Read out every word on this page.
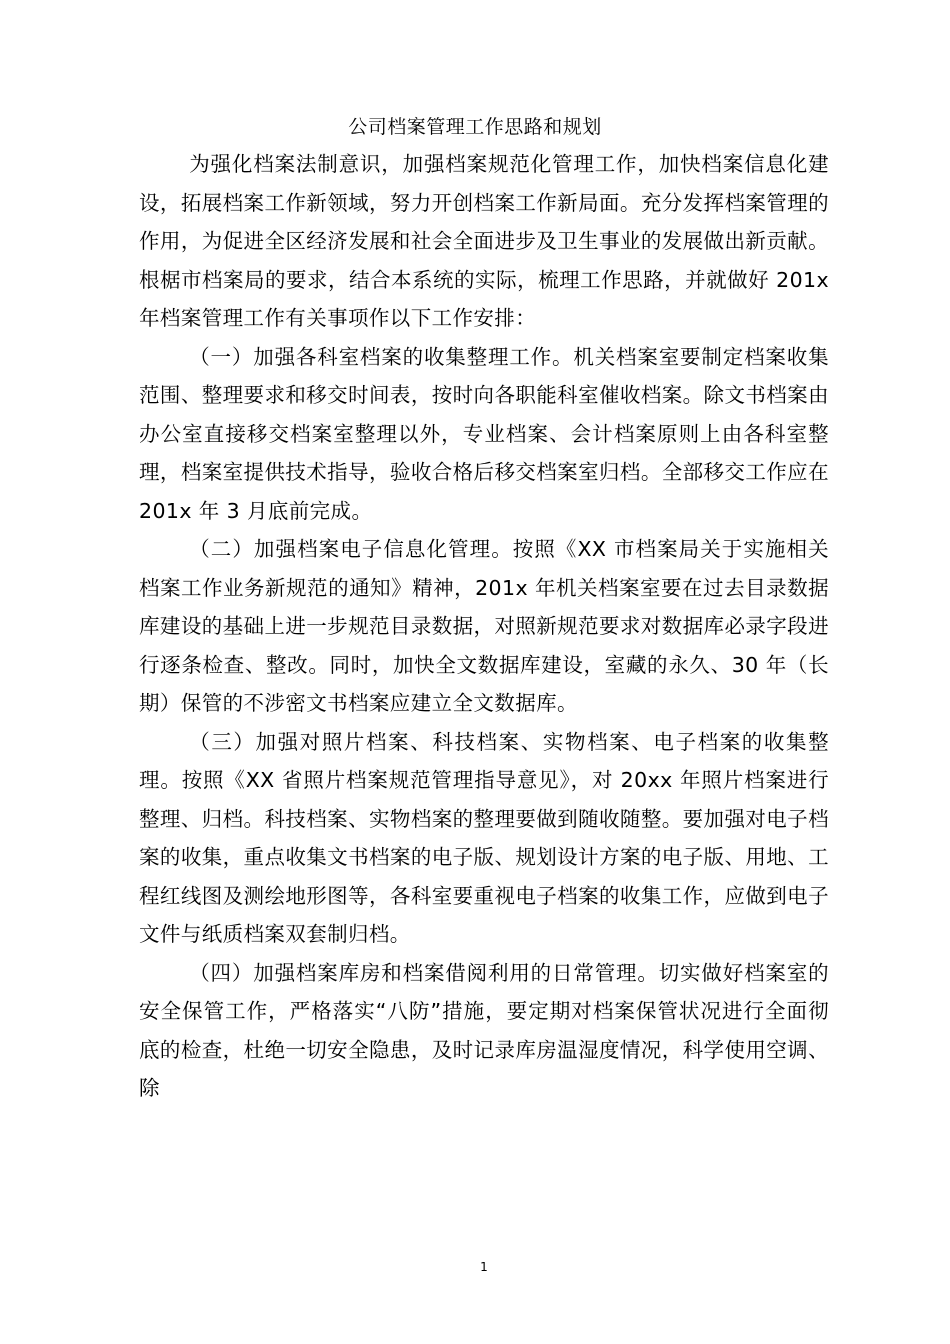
公司档案管理工作思路和规划

为强化档案法制意识，加强档案规范化管理工作，加快档案信息化建设，拓展档案工作新领域，努力开创档案工作新局面。充分发挥档案管理的作用，为促进全区经济发展和社会全面进步及卫生事业的发展做出新贡献。根椐市档案局的要求，结合本系统的实际，梳理工作思路，并就做好 201x 年档案管理工作有关事项作以下工作安排：

（一）加强各科室档案的收集整理工作。机关档案室要制定档案收集范围、整理要求和移交时间表，按时向各职能科室催收档案。除文书档案由办公室直接移交档案室整理以外，专业档案、会计档案原则上由各科室整理，档案室提供技术指导，验收合格后移交档案室归档。全部移交工作应在 201x 年 3 月底前完成。

（二）加强档案电子信息化管理。按照《XX 市档案局关于实施相关档案工作业务新规范的通知》精神，201x 年机关档案室要在过去目录数据库建设的基础上进一步规范目录数据，对照新规范要求对数据库必录字段进行逐条检查、整改。同时，加快全文数据库建设，室藏的永久、30 年（长期）保管的不涉密文书档案应建立全文数据库。

（三）加强对照片档案、科技档案、实物档案、电子档案的收集整理。按照《XX 省照片档案规范管理指导意见》，对 20xx 年照片档案进行整理、归档。科技档案、实物档案的整理要做到随收随整。要加强对电子档案的收集，重点收集文书档案的电子版、规划设计方案的电子版、用地、工程红线图及测绘地形图等，各科室要重视电子档案的收集工作，应做到电子文件与纸质档案双套制归档。

（四）加强档案库房和档案借阅利用的日常管理。切实做好档案室的安全保管工作，严格落实“八防”措施，要定期对档案保管状况进行全面彻底的检查，杜绝一切安全隐患，及时记录库房温湿度情况，科学使用空调、除

1
